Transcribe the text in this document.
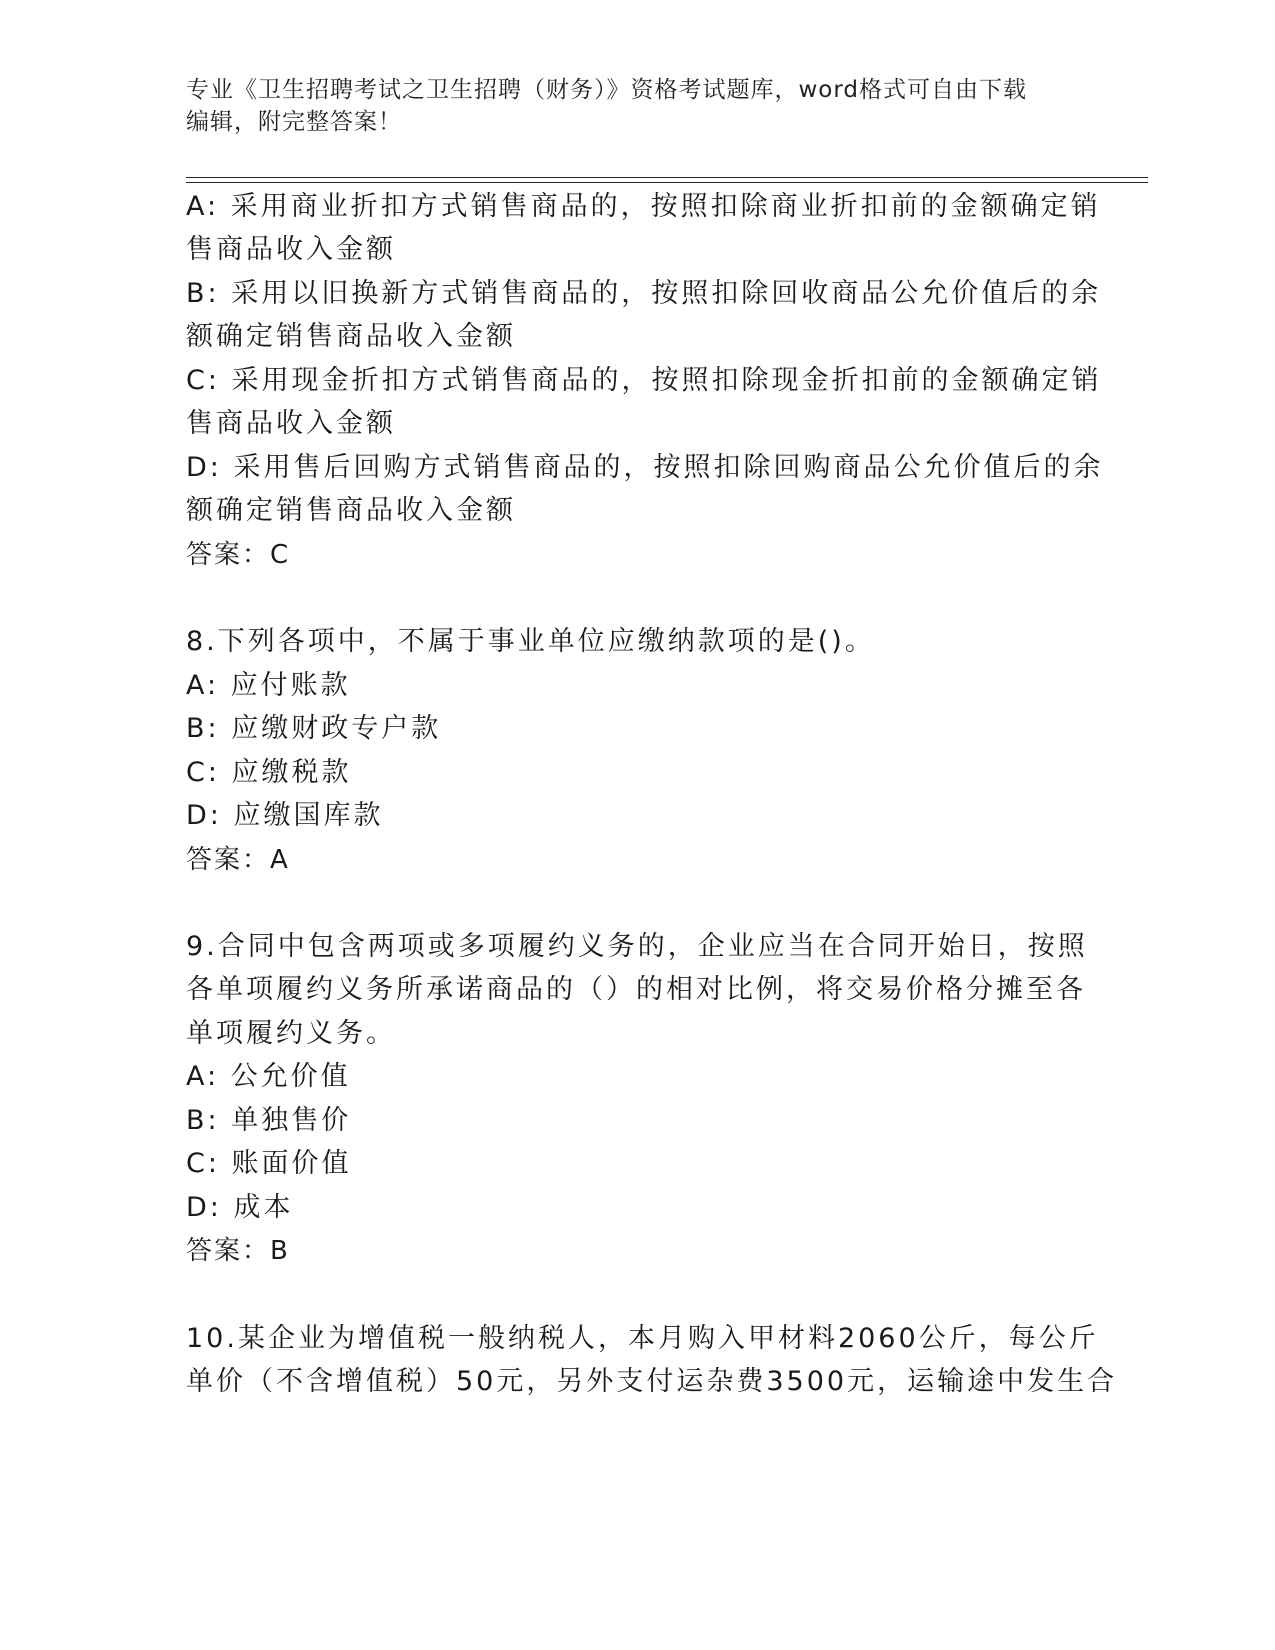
专业《卫生招聘考试之卫生招聘（财务）》资格考试题库，word格式可自由下载
编辑，附完整答案！
A: 采用商业折扣方式销售商品的，按照扣除商业折扣前的金额确定销
售商品收入金额
B: 采用以旧换新方式销售商品的，按照扣除回收商品公允价值后的余
额确定销售商品收入金额
C: 采用现金折扣方式销售商品的，按照扣除现金折扣前的金额确定销
售商品收入金额
D: 采用售后回购方式销售商品的，按照扣除回购商品公允价值后的余
额确定销售商品收入金额
答案：C
8.下列各项中，不属于事业单位应缴纳款项的是()。
A: 应付账款
B: 应缴财政专户款
C: 应缴税款
D: 应缴国库款
答案：A
9.合同中包含两项或多项履约义务的，企业应当在合同开始日，按照
各单项履约义务所承诺商品的（）的相对比例，将交易价格分摊至各
单项履约义务。
A: 公允价值
B: 单独售价
C: 账面价值
D: 成本
答案：B
10.某企业为增值税一般纳税人，本月购入甲材料2060公斤，每公斤
单价（不含增值税）50元，另外支付运杂费3500元，运输途中发生合
